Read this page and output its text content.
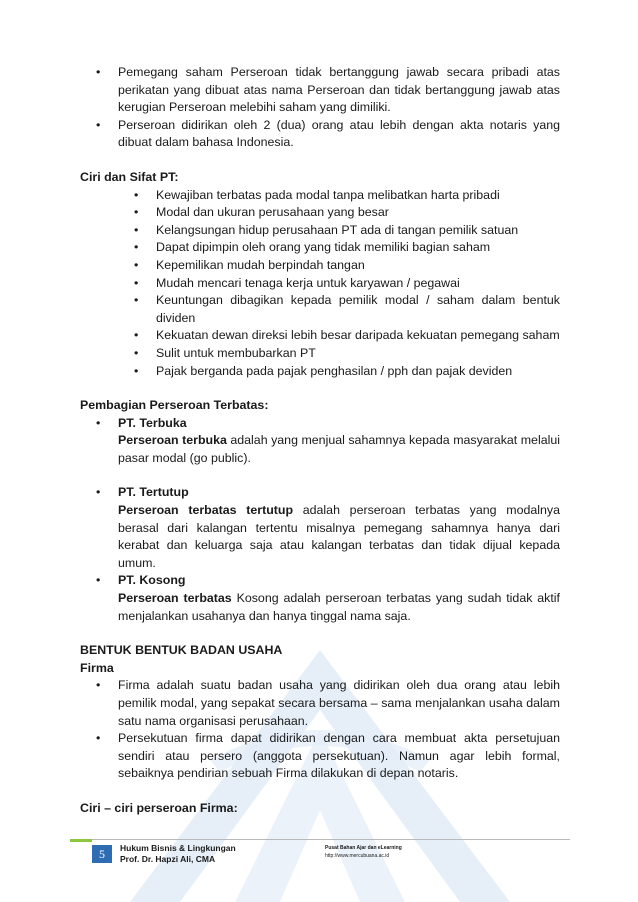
• Pemegang saham Perseroan tidak bertanggung jawab secara pribadi atas perikatan yang dibuat atas nama Perseroan dan tidak bertanggung jawab atas kerugian Perseroan melebihi saham yang dimiliki.
• Perseroan didirikan oleh 2 (dua) orang atau lebih dengan akta notaris yang dibuat dalam bahasa Indonesia.

Ciri dan Sifat PT:

• Kewajiban terbatas pada modal tanpa melibatkan harta pribadi
• Modal dan ukuran perusahaan yang besar
• Kelangsungan hidup perusahaan PT ada di tangan pemilik satuan
• Dapat dipimpin oleh orang yang tidak memiliki bagian saham
• Kepemilikan mudah berpindah tangan
• Mudah mencari tenaga kerja untuk karyawan / pegawai
• Keuntungan dibagikan kepada pemilik modal / saham dalam bentuk dividen
• Kekuatan dewan direksi lebih besar daripada kekuatan pemegang saham
• Sulit untuk membubarkan PT
• Pajak berganda pada pajak penghasilan / pph dan pajak deviden

Pembagian Perseroan Terbatas:

• PT. Terbuka
Perseroan terbuka adalah yang menjual sahamnya kepada masyarakat melalui pasar modal (go public).
• PT. Tertutup
Perseroan terbatas tertutup adalah perseroan terbatas yang modalnya berasal dari kalangan tertentu misalnya pemegang sahamnya hanya dari kerabat dan keluarga saja atau kalangan terbatas dan tidak dijual kepada umum.
• PT. Kosong
Perseroan terbatas Kosong adalah perseroan terbatas yang sudah tidak aktif menjalankan usahanya dan hanya tinggal nama saja.

BENTUK BENTUK BADAN USAHA

Firma

• Firma adalah suatu badan usaha yang didirikan oleh dua orang atau lebih pemilik modal, yang sepakat secara bersama – sama menjalankan usaha dalam satu nama organisasi perusahaan.
• Persekutuan firma dapat didirikan dengan cara membuat akta persetujuan sendiri atau persero (anggota persekutuan). Namun agar lebih formal, sebaiknya pendirian sebuah Firma dilakukan di depan notaris.

Ciri – ciri perseroan Firma:

5	Hukum Bisnis & Lingkungan
Prof. Dr. Hapzi Ali, CMA
Pusat Bahan Ajar dan eLearning
http://www.mercubuana.ac.id
